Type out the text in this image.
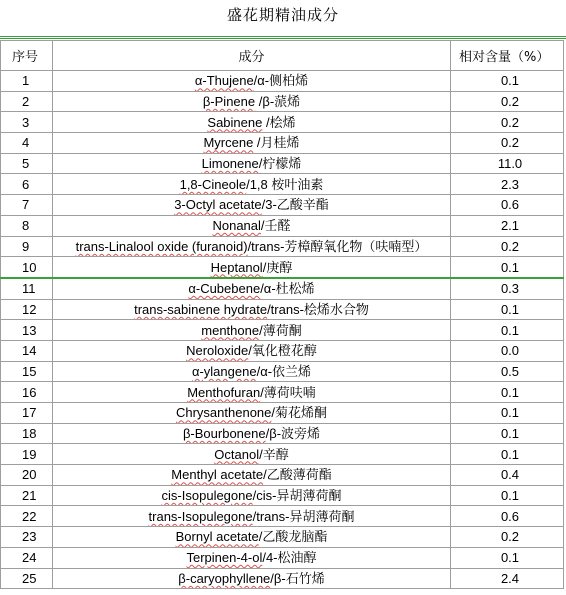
盛花期精油成分
序号	成分	相对含量（%）
1	α-Thujene/α-侧柏烯	0.1
2	β-Pinene /β-蒎烯	0.2
3	Sabinene /桧烯	0.2
4	Myrcene /月桂烯	0.2
5	Limonene/柠檬烯	11.0
6	1,8-Cineole/1,8 桉叶油素	2.3
7	3-Octyl acetate/3-乙酸辛酯	0.6
8	Nonanal/壬醛	2.1
9	trans-Linalool oxide (furanoid)/trans-芳樟醇氧化物（呋喃型）	0.2
10	Heptanol/庚醇	0.1
11	α-Cubebene/α-杜松烯	0.3
12	trans-sabinene hydrate/trans-桧烯水合物	0.1
13	menthone/薄荷酮	0.1
14	Neroloxide/氧化橙花醇	0.0
15	α-ylangene/α-依兰烯	0.5
16	Menthofuran/薄荷呋喃	0.1
17	Chrysanthenone/菊花烯酮	0.1
18	β-Bourbonene/β-波旁烯	0.1
19	Octanol/辛醇	0.1
20	Menthyl acetate/乙酸薄荷酯	0.4
21	cis-Isopulegone/cis-异胡薄荷酮	0.1
22	trans-Isopulegone/trans-异胡薄荷酮	0.6
23	Bornyl acetate/乙酸龙脑酯	0.2
24	Terpinen-4-ol/4-松油醇	0.1
25	β-caryophyllene/β-石竹烯	2.4
